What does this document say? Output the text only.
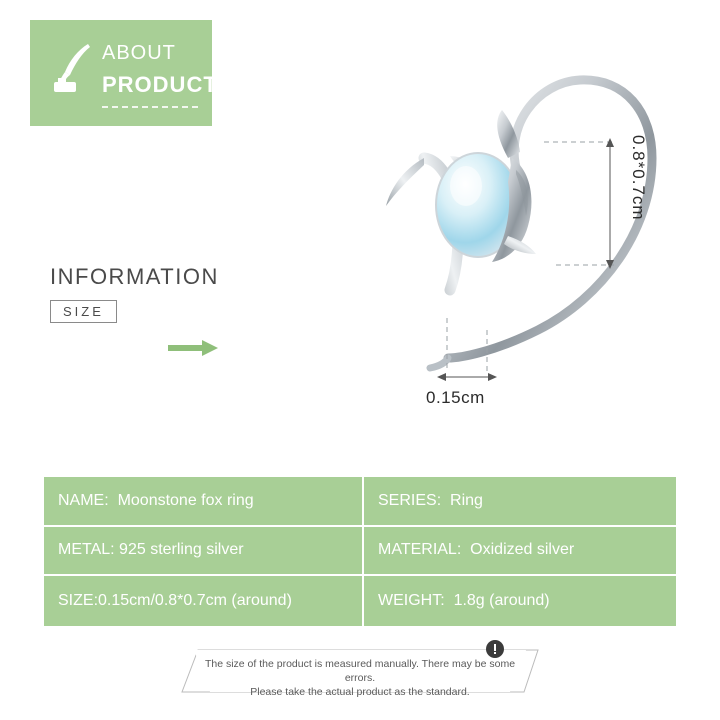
ABOUT
PRODUCT
INFORMATION
SIZE
0.8*0.7cm
0.15cm
NAME: Moonstone fox ring	SERIES: Ring
METAL: 925 sterling silver	MATERIAL: Oxidized silver
SIZE: 0.15cm/0.8*0.7cm (around)	WEIGHT: 1.8g (around)
The size of the product is measured manually. There may be some errors.
Please take the actual product as the standard.
